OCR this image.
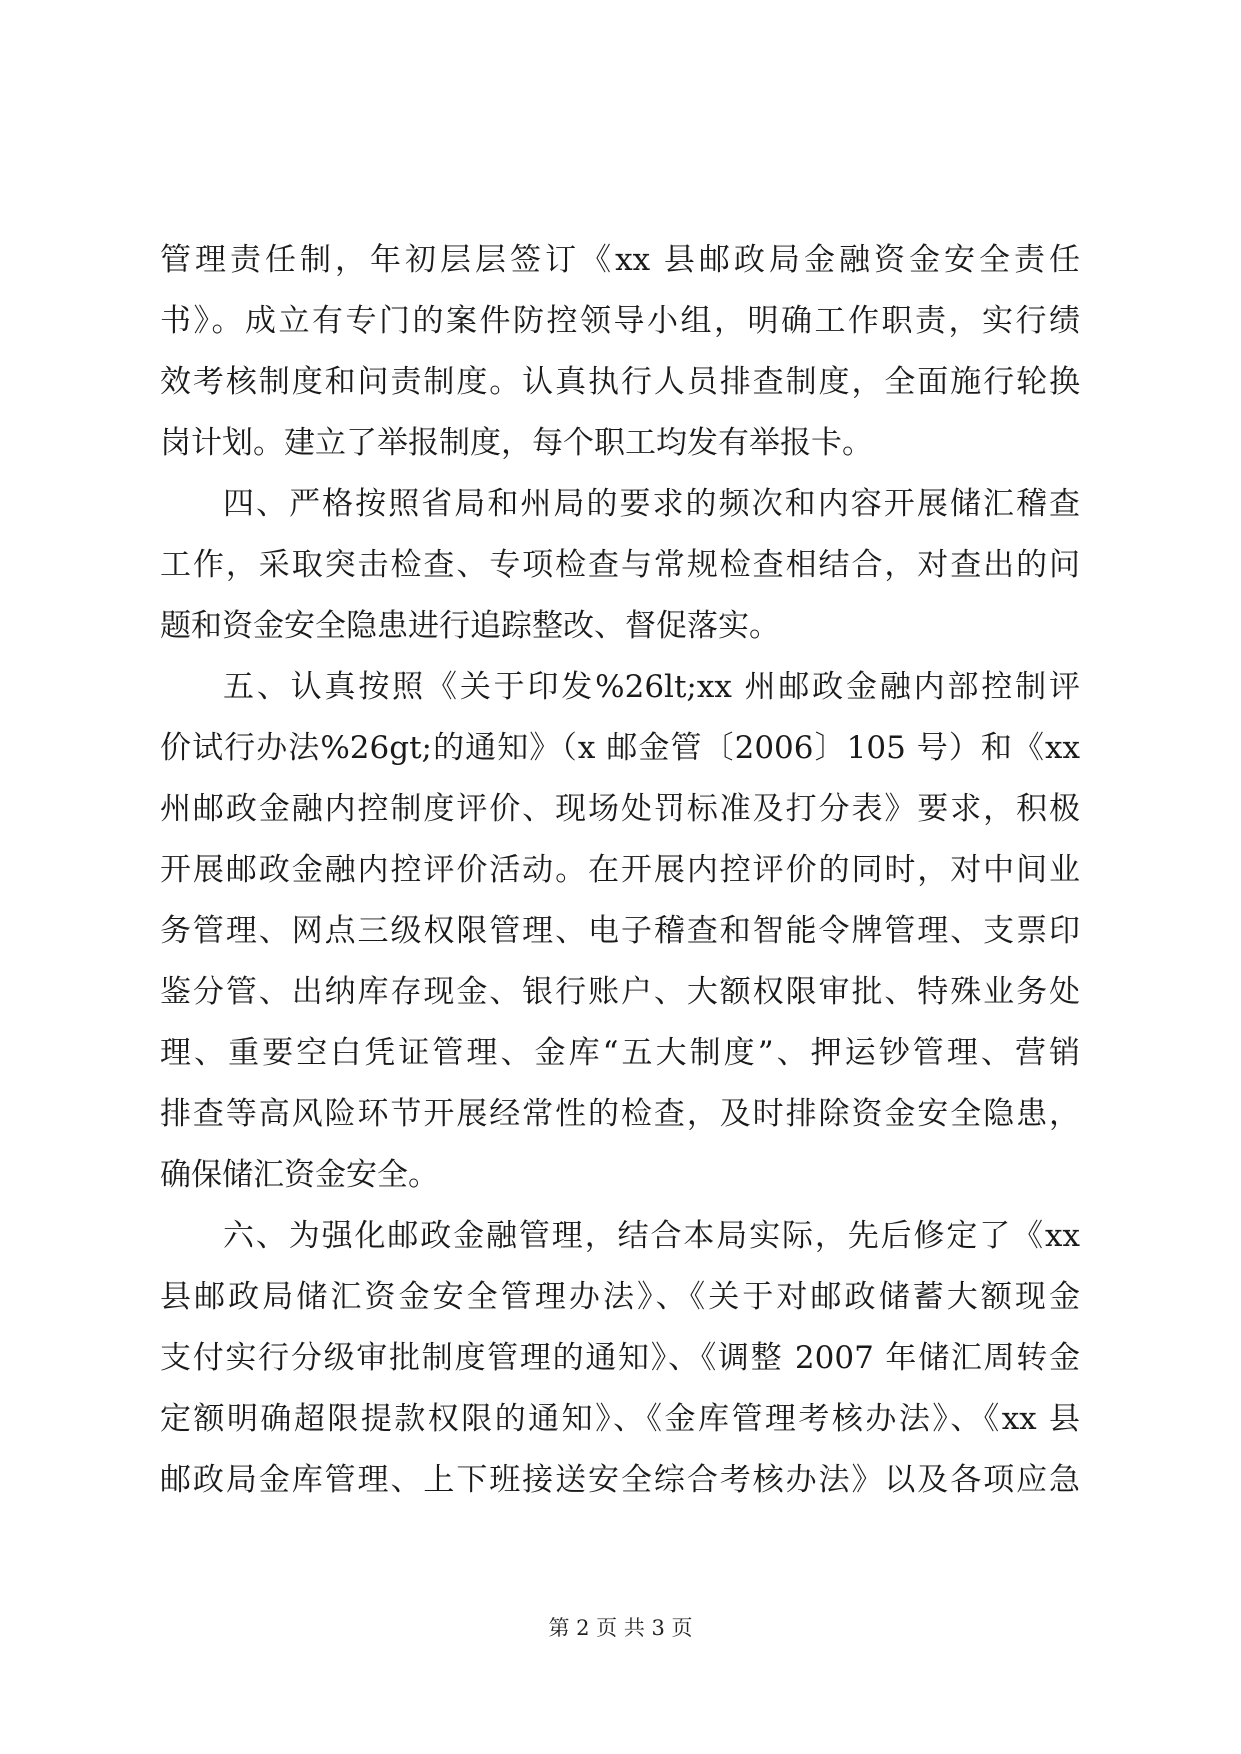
管理责任制，年初层层签订《xx 县邮政局金融资金安全责任
书》。成立有专门的案件防控领导小组，明确工作职责，实行绩
效考核制度和问责制度。认真执行人员排查制度，全面施行轮换
岗计划。建立了举报制度，每个职工均发有举报卡。
四、严格按照省局和州局的要求的频次和内容开展储汇稽查
工作，采取突击检查、专项检查与常规检查相结合，对查出的问
题和资金安全隐患进行追踪整改、督促落实。
五、认真按照《关于印发%26lt;xx 州邮政金融内部控制评
价试行办法%26gt;的通知》（x 邮金管〔2006〕105 号）和《xx
州邮政金融内控制度评价、现场处罚标准及打分表》要求，积极
开展邮政金融内控评价活动。在开展内控评价的同时，对中间业
务管理、网点三级权限管理、电子稽查和智能令牌管理、支票印
鉴分管、出纳库存现金、银行账户、大额权限审批、特殊业务处
理、重要空白凭证管理、金库“五大制度”、押运钞管理、营销
排查等高风险环节开展经常性的检查，及时排除资金安全隐患，
确保储汇资金安全。
六、为强化邮政金融管理，结合本局实际，先后修定了《xx
县邮政局储汇资金安全管理办法》、《关于对邮政储蓄大额现金
支付实行分级审批制度管理的通知》、《调整 2007 年储汇周转金
定额明确超限提款权限的通知》、《金库管理考核办法》、《xx 县
邮政局金库管理、上下班接送安全综合考核办法》以及各项应急
第 2 页 共 3 页
